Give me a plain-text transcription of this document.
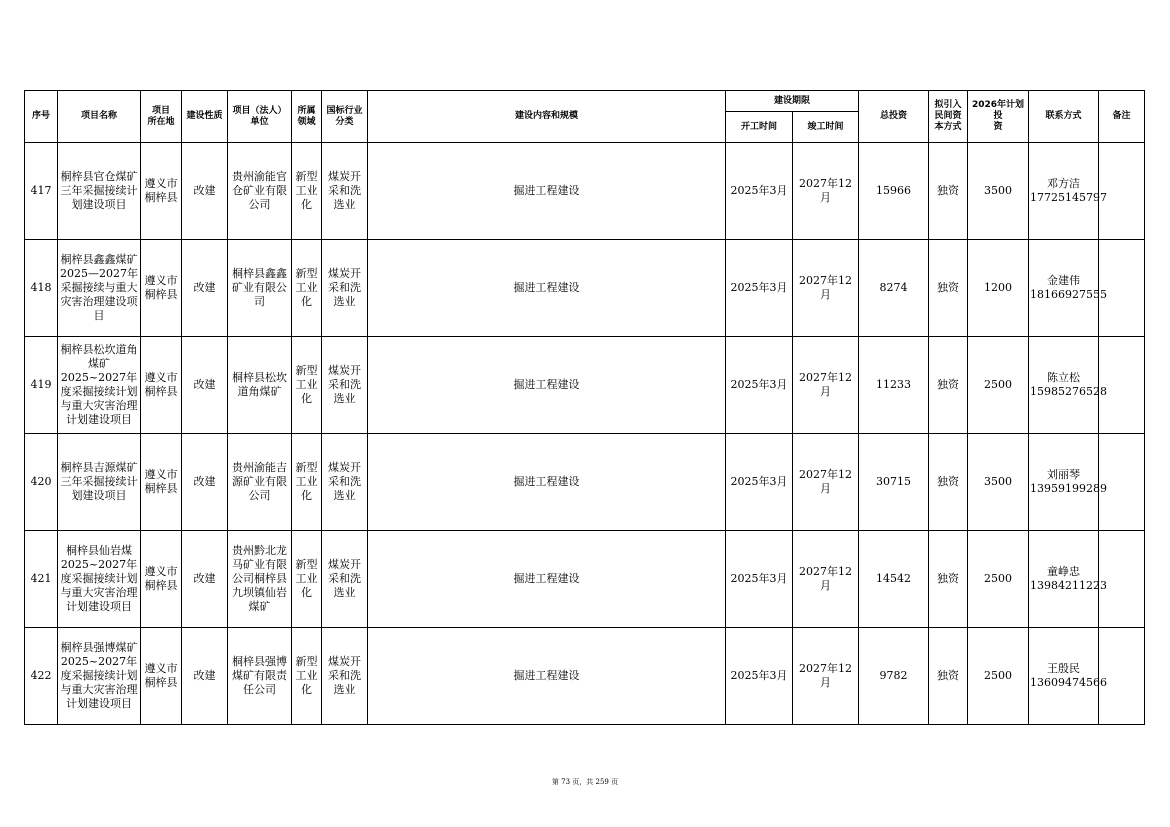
序号	项目名称	项目
所在地	建设性质	项目（法人）
单位	所属
领域	国标行业
分类	建设内容和规模	建设期限		总投资	拟引入
民间资
本方式	2026年计划投
资	联系方式	备注
								开工时间	竣工时间					
417	桐梓县官仓煤矿三年采掘接续计划建设项目	遵义市
桐梓县	改建	贵州渝能官仓矿业有限公司	新型
工业
化	煤炭开
采和洗
选业	掘进工程建设	2025年3月	2027年12月	15966	独资	3500	邓方洁
17725145797	
418	桐梓县鑫鑫煤矿2025—2027年采掘接续与重大灾害治理建设项目	遵义市
桐梓县	改建	桐梓县鑫鑫矿业有限公司	新型
工业
化	煤炭开
采和洗
选业	掘进工程建设	2025年3月	2027年12月	8274	独资	1200	金建伟
18166927555	
419	桐梓县松坎道角煤矿2025~2027年度采掘接续计划与重大灾害治理计划建设项目	遵义市
桐梓县	改建	桐梓县松坎道角煤矿	新型
工业
化	煤炭开
采和洗
选业	掘进工程建设	2025年3月	2027年12月	11233	独资	2500	陈立松
15985276528	
420	桐梓县吉源煤矿三年采掘接续计划建设项目	遵义市
桐梓县	改建	贵州渝能吉源矿业有限公司	新型
工业
化	煤炭开
采和洗
选业	掘进工程建设	2025年3月	2027年12月	30715	独资	3500	刘丽琴
13959199289	
421	桐梓县仙岩煤2025~2027年度采掘接续计划与重大灾害治理计划建设项目	遵义市
桐梓县	改建	贵州黔北龙马矿业有限公司桐梓县九坝镇仙岩煤矿	新型
工业
化	煤炭开
采和洗
选业	掘进工程建设	2025年3月	2027年12月	14542	独资	2500	童峥忠
13984211223	
422	桐梓县强博煤矿2025~2027年度采掘接续计划与重大灾害治理计划建设项目	遵义市
桐梓县	改建	桐梓县强博煤矿有限责任公司	新型
工业
化	煤炭开
采和洗
选业	掘进工程建设	2025年3月	2027年12月	9782	独资	2500	王殷民
13609474566	
第 73 页，共 259 页
